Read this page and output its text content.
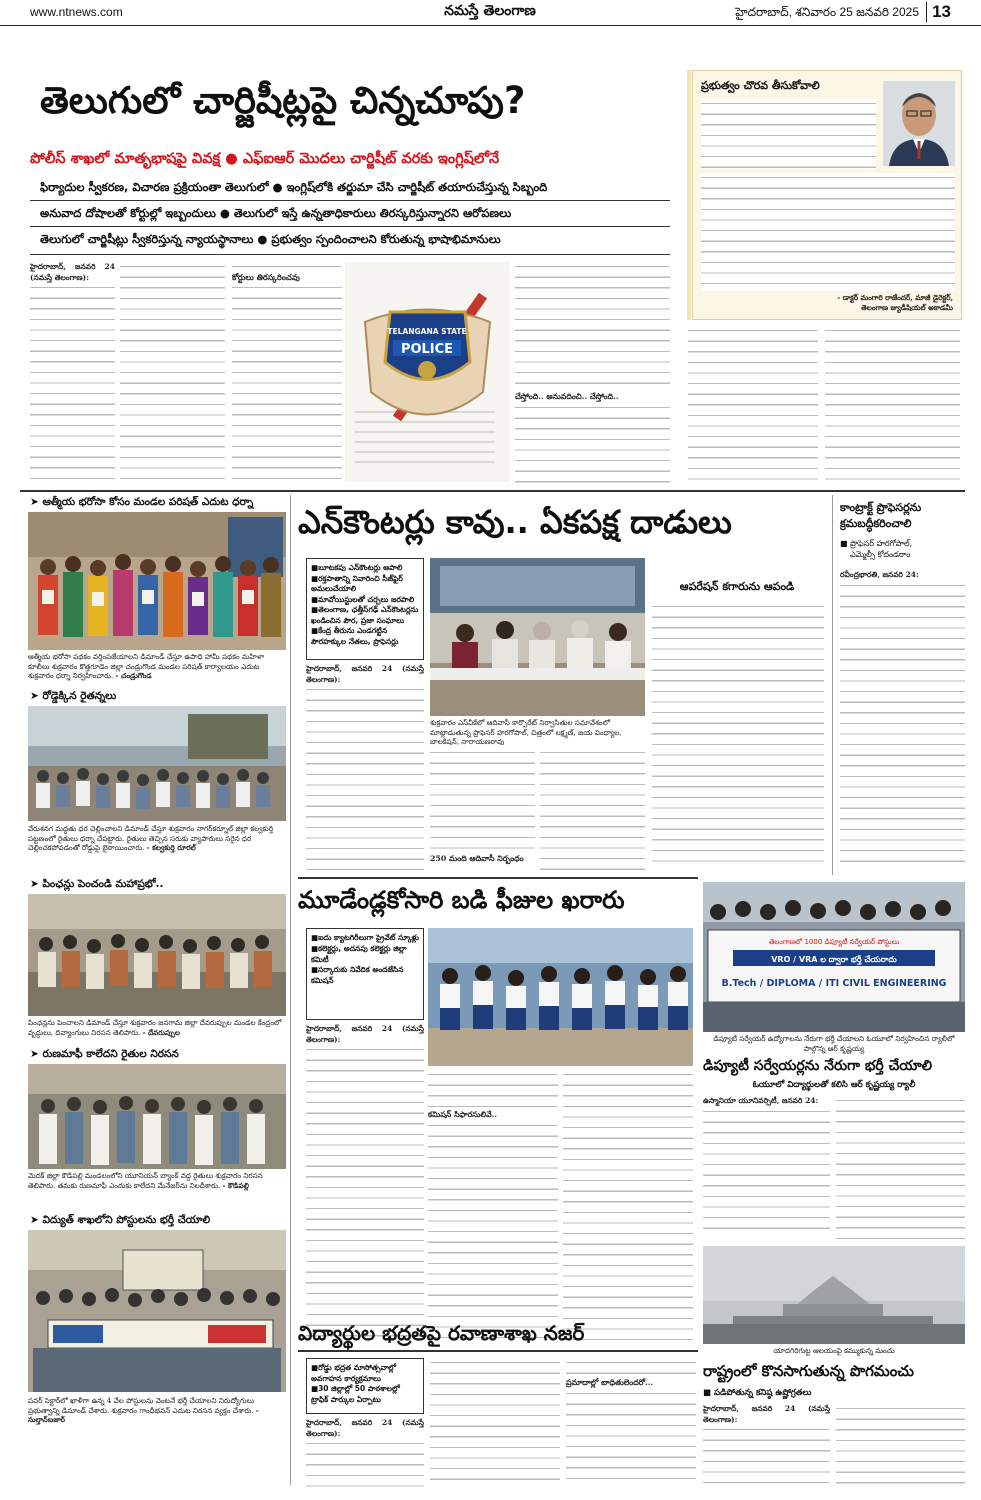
www.ntnews.com	నమస్తే తెలంగాణ	హైదరాబాద్, శనివారం 25 జనవరి 2025 13
తెలుగులో చార్జిషీట్లపై చిన్నచూపు?
పోలీస్ శాఖలో మాతృభాషపై వివక్ష ● ఎఫ్ఐఆర్ మొదలు చార్జిషీట్ వరకు ఇంగ్లిష్‌లోనే
ఫిర్యాదుల స్వీకరణ, విచారణ ప్రక్రియంతా తెలుగులో ● ఇంగ్లిష్‌లోకి తర్జుమా చేసి చార్జిషీట్ తయారుచేస్తున్న సిబ్బంది
అనువాద దోషాలతో కోర్టుల్లో ఇబ్బందులు ● తెలుగులో ఇస్తే ఉన్నతాధికారులు తిరస్కరిస్తున్నారని ఆరోపణలు
తెలుగులో చార్జిషీట్లు స్వీకరిస్తున్న న్యాయస్థానాలు ● ప్రభుత్వం స్పందించాలని కోరుతున్న భాషాభిమానులు
హైదరాబాద్, జనవరి 24 (నమస్తే తెలంగాణ):	కోర్టులు తిరస్కరించవు
TELANGANA STATE
POLICE
చేస్తోంది.. అనువదించి.. చేస్తోంది..
ప్రభుత్వం చొరవ తీసుకోవాలి
- డాక్టర్ మంగారి రాజేందర్, మాజీ డైరెక్టర్,
తెలంగాణ జ్యుడీషియల్ అకాడమీ
➤ ఆత్మీయ భరోసా కోసం మండల పరిషత్ ఎదుట ధర్నా
ఆత్మీయ భరోసా పథకం వర్తింపజేయాలని డిమాండ్ చేస్తూ ఉపాధి హామీ పథకం మహిళా కూలీలు శుక్రవారం కొత్తగూడెం జిల్లా చండ్రుగొండ మండల పరిషత్ కార్యాలయం ఎదుట శుక్రవారం ధర్నా నిర్వహించారు. - చండ్రుగొండ
➤ రోడ్డెక్కిన రైతన్నలు
వేరుశనగ మద్దతు ధర చెల్లించాలని డిమాండ్ చేస్తూ శుక్రవారం నాగర్‌కర్నూల్ జిల్లా కల్వకుర్తి పట్టణంలో రైతులు ధర్నా చేపట్టారు. రైతులు తెచ్చిన సరుకు వ్యాపారులు సరైన ధర చెల్లించకపోవడంతో రోడ్డుపై బైఠాయించారు. - కల్వకుర్తి రూరల్
➤ పింఛన్లు పెంచండి మహాప్రభో..
పింఛన్లను పెంచాలని డిమాండ్ చేస్తూ శుక్రవారం జనగామ జిల్లా దేవరుప్పుల మండల కేంద్రంలో వృద్ధులు, దివ్యాంగులు నిరసన తెలిపారు. - దేవరుప్పుల
➤ రుణమాఫీ కాలేదని రైతుల నిరసన
మెదక్ జిల్లా కౌడిపల్లి మండలంలోని యూనియన్ బ్యాంక్ వద్ద రైతులు శుక్రవారం నిరసన తెలిపారు. తమకు రుణమాఫీ ఎందుకు కాలేదని మేనేజర్‌ను నిలదీశారు. - కౌడిపల్లి
➤ విద్యుత్ శాఖలోని పోస్టులను భర్తీ చేయాలి
పవర్ సెక్టార్‌లో ఖాళీగా ఉన్న 4 వేల పోస్టులను వెంటనే భర్తీ చేయాలని నిరుద్యోగులు ప్రభుత్వాన్ని డిమాండ్ చేశారు. శుక్రవారం గాంధీభవన్ ఎదుట నిరసన వ్యక్తం చేశారు. - సుల్తాన్‌బజార్
ఎన్‌కౌంటర్లు కావు.. ఏకపక్ష దాడులు
■ బూటకపు ఎన్‌కౌంటర్లు ఆపాలి
■ రక్తపాతాన్ని నివారించి సీజ్‌ఫైర్ అమలుచేయాలి
■ మావోయిస్టులతో చర్చలు జరపాలి
■ తెలంగాణ, ఛత్తీస్‌గఢ్ ఎన్‌కౌంటర్లను ఖండించిన పౌర, ప్రజా సంఘాలు
■ కేంద్ర తీరును ఎండగట్టిన పౌరహక్కుల నేతలు, ప్రొఫెసర్లు
శుక్రవారం ఎస్‌వీకేలో ఆదివాసీ కార్పొరేట్ నిర్వాసితుల సమావేశంలో మాట్లాడుతున్న ప్రొఫెసర్ హరగోపాల్, చిత్రంలో లక్ష్మణ్, జయ వింధ్యాల, బాలకిషన్, నారాయణరావు
ఆపరేషన్ కగారును ఆపండి
హైదరాబాద్, జనవరి 24 (నమస్తే తెలంగాణ):
250 మంది ఆదివాసీ నిర్బంధం
కాంట్రాక్ట్ ప్రొఫెసర్లను
క్రమబద్ధీకరించాలి
■ ప్రొఫెసర్ హరగోపాల్,
ఎమ్మెల్సీ కోదండరాం
రవీంద్రభారతి, జనవరి 24:
మూడేండ్లకోసారి బడి ఫీజుల ఖరారు
■ ఐదు క్యాటగిరీలుగా ప్రైవేట్ స్కూళ్లు
■ కలెక్టర్లు, అదనపు కలెక్టర్లు జిల్లా కమిటీ
■ సర్కారుకు నివేదిక అందజేసిన కమిషన్
హైదరాబాద్, జనవరి 24 (నమస్తే తెలంగాణ):
కమిషన్ సిఫారసులివే..
తెలంగాణలో 1000 డిప్యూటీ సర్వేయర్ పోస్టులు
VRO / VRA ల ద్వారా భర్తీ చేయరాదు
B.Tech / DIPLOMA / ITI CIVIL ENGINEERING
డిప్యూటీ సర్వేయర్ ఉద్యోగాలను నేరుగా భర్తీ చేయాలని ఓయూలో నిర్వహించిన ర్యాలీలో పాల్గొన్న ఆర్ కృష్ణయ్య
డిప్యూటీ సర్వేయర్లను నేరుగా భర్తీ చేయాలి
ఓయూలో విద్యార్థులతో కలిసి ఆర్ కృష్ణయ్య ర్యాలీ
ఉస్మానియా యూనివర్సిటీ, జనవరి 24:
యాదగిరిగుట్ట ఆలయంపై కమ్ముకున్న మంచు
రాష్ట్రంలో కొనసాగుతున్న పొగమంచు
■ పడిపోతున్న కనిష్ఠ ఉష్ణోగ్రతలు
హైదరాబాద్, జనవరి 24 (నమస్తే తెలంగాణ):
విద్యార్థుల భద్రతపై రవాణాశాఖ నజర్
■ రోడ్డు భద్రత మాసోత్సవాల్లో అవగాహన కార్యక్రమాలు
■ 30 జిల్లాల్లో 50 పాఠశాలల్లో ట్రాఫిక్ పార్కుల ఏర్పాటు
హైదరాబాద్, జనవరి 24 (నమస్తే తెలంగాణ):
ప్రమాదాల్లో బాధితులెందరో...
